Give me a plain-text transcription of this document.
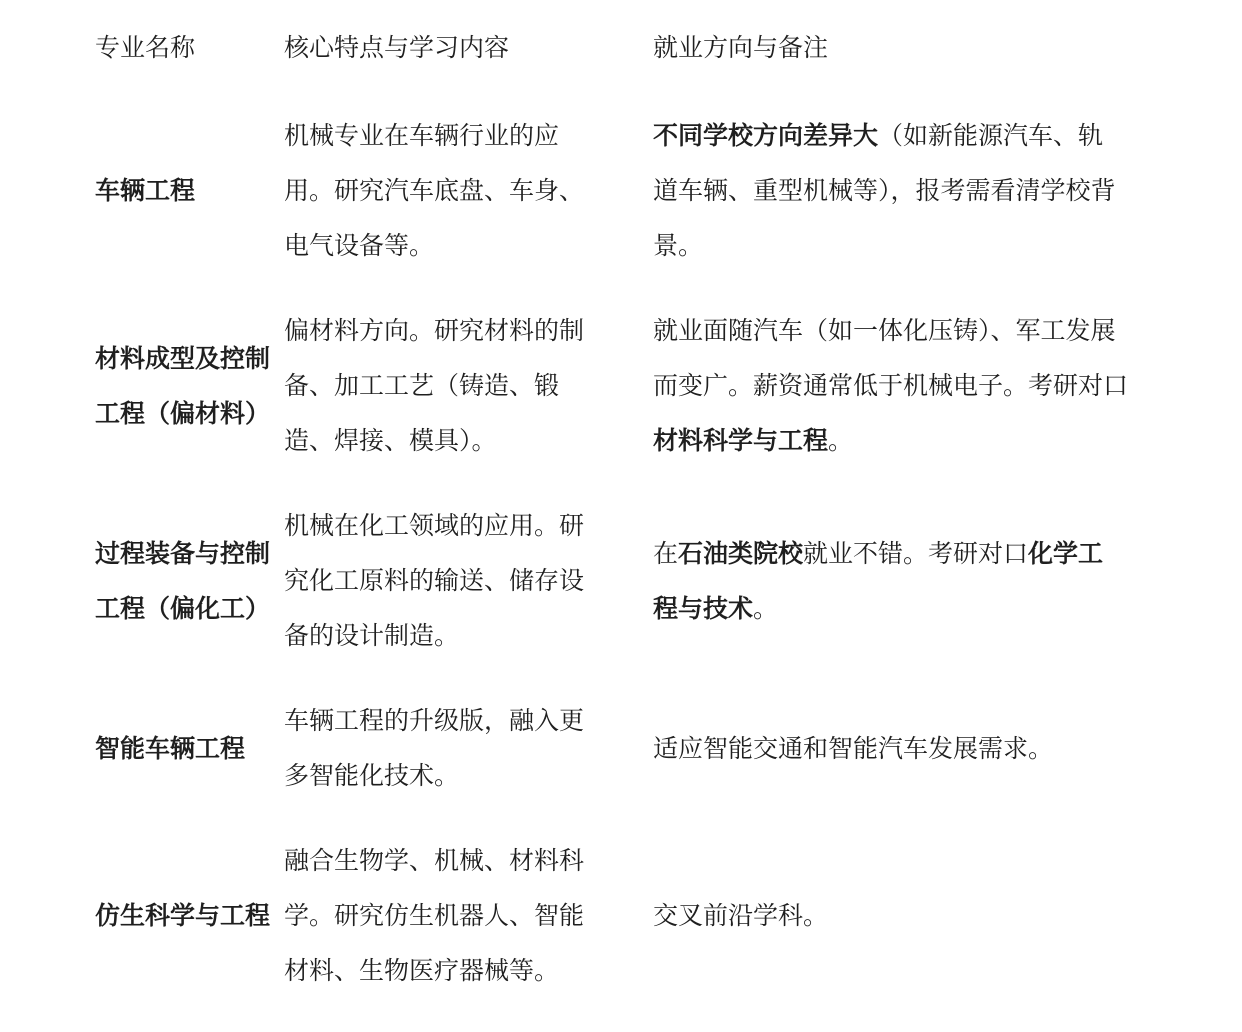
专业名称	核心特点与学习内容	就业方向与备注
车辆工程
机械专业在车辆行业的应用。研究汽车底盘、车身、电气设备等。
不同学校方向差异大（如新能源汽车、轨道车辆、重型机械等），报考需看清学校背景。
材料成型及控制工程（偏材料）
偏材料方向。研究材料的制备、加工工艺（铸造、锻造、焊接、模具）。
就业面随汽车（如一体化压铸）、军工发展而变广。薪资通常低于机械电子。考研对口材料科学与工程。
过程装备与控制工程（偏化工）
机械在化工领域的应用。研究化工原料的输送、储存设备的设计制造。
在石油类院校就业不错。考研对口化学工程与技术。
智能车辆工程
车辆工程的升级版，融入更多智能化技术。
适应智能交通和智能汽车发展需求。
仿生科学与工程
融合生物学、机械、材料科学。研究仿生机器人、智能材料、生物医疗器械等。
交叉前沿学科。
